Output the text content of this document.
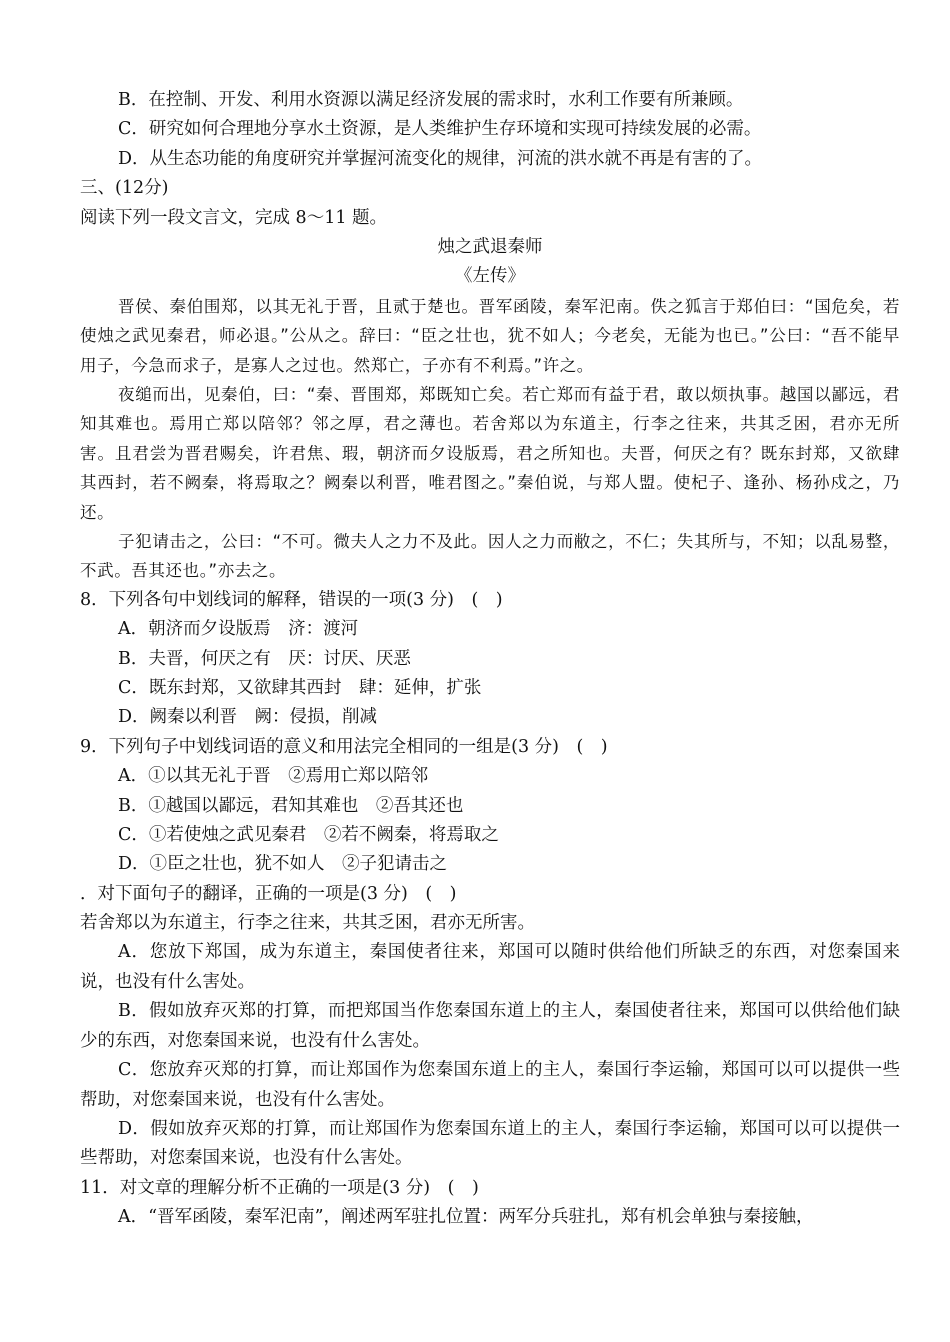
B．在控制、开发、利用水资源以满足经济发展的需求时，水利工作要有所兼顾。
C．研究如何合理地分享水土资源，是人类维护生存环境和实现可持续发展的必需。
D．从生态功能的角度研究并掌握河流变化的规律，河流的洪水就不再是有害的了。
三、(12分)
阅读下列一段文言文，完成 8～11 题。
烛之武退秦师
《左传》
晋侯、秦伯围郑，以其无礼于晋，且贰于楚也。晋军函陵，秦军汜南。佚之狐言于郑伯曰：“国危矣，若使烛之武见秦君，师必退。”公从之。辞曰：“臣之壮也，犹不如人；今老矣，无能为也已。”公曰：“吾不能早用子，今急而求子，是寡人之过也。然郑亡，子亦有不利焉。”许之。
夜缒而出，见秦伯，曰：“秦、晋围郑，郑既知亡矣。若亡郑而有益于君，敢以烦执事。越国以鄙远，君知其难也。焉用亡郑以陪邻？邻之厚，君之薄也。若舍郑以为东道主，行李之往来，共其乏困，君亦无所害。且君尝为晋君赐矣，许君焦、瑕，朝济而夕设版焉，君之所知也。夫晋，何厌之有？既东封郑，又欲肆其西封，若不阙秦，将焉取之？阙秦以利晋，唯君图之。”秦伯说，与郑人盟。使杞子、逢孙、杨孙戍之，乃还。
子犯请击之，公曰：“不可。微夫人之力不及此。因人之力而敝之，不仁；失其所与，不知；以乱易整，不武。吾其还也。”亦去之。
8．下列各句中划线词的解释，错误的一项(3 分)　(　)
A．朝济而夕设版焉　济：渡河
B．夫晋，何厌之有　厌：讨厌、厌恶
C．既东封郑，又欲肆其西封　肆：延伸，扩张
D．阙秦以利晋　阙：侵损，削减
9．下列句子中划线词语的意义和用法完全相同的一组是(3 分)　(　)
A．①以其无礼于晋　②焉用亡郑以陪邻
B．①越国以鄙远，君知其难也　②吾其还也
C．①若使烛之武见秦君　②若不阙秦，将焉取之
D．①臣之壮也，犹不如人　②子犯请击之
．对下面句子的翻译，正确的一项是(3 分)　(　)
若舍郑以为东道主，行李之往来，共其乏困，君亦无所害。
A．您放下郑国，成为东道主，秦国使者往来，郑国可以随时供给他们所缺乏的东西，对您秦国来说，也没有什么害处。
B．假如放弃灭郑的打算，而把郑国当作您秦国东道上的主人，秦国使者往来，郑国可以供给他们缺少的东西，对您秦国来说，也没有什么害处。
C．您放弃灭郑的打算，而让郑国作为您秦国东道上的主人，秦国行李运输，郑国可以可以提供一些帮助，对您秦国来说，也没有什么害处。
D．假如放弃灭郑的打算，而让郑国作为您秦国东道上的主人，秦国行李运输，郑国可以可以提供一些帮助，对您秦国来说，也没有什么害处。
11．对文章的理解分析不正确的一项是(3 分)　(　)
A．“晋军函陵，秦军汜南”，阐述两军驻扎位置：两军分兵驻扎，郑有机会单独与秦接触，
